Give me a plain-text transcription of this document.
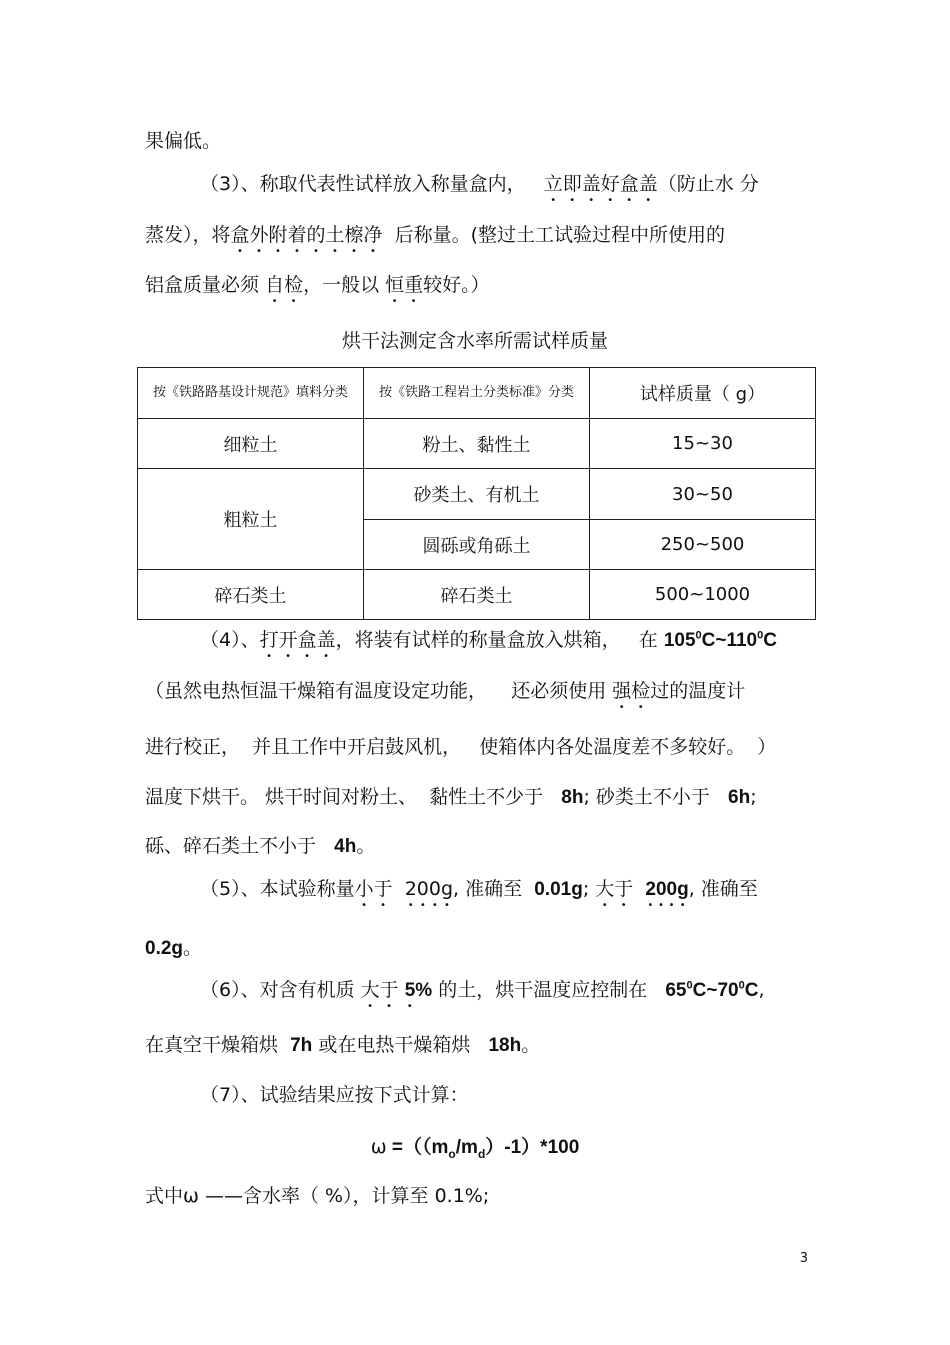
果偏低。
（3）、称取代表性试样放入称量盒内， 立即盖好盒盖（防止水 分
蒸发），将盒外附着的土檫净 后称量。(整过土工试验过程中所使用的
铝盒质量必须 自检，一般以 恒重较好。）
烘干法测定含水率所需试样质量
按《铁路路基设计规范》填料分类	按《铁路工程岩土分类标准》分类	试样质量（ g）
细粒土	粉土、黏性土	15~30
粗粒土	砂类土、有机土	30~50
	圆砾或角砾土	250~500
碎石类土	碎石类土	500~1000
（4）、打开盒盖，将装有试样的称量盒放入烘箱， 在 $105^0C\sim 110^0C$
（虽然电热恒温干燥箱有温度设定功能， 还必须使用 强检过的温度计
进行校正，  并且工作中开启鼓风机，   使箱体内各处温度差不多较好。  ）
温度下烘干。 烘干时间对粉土、  黏性土不少于 8h; 砂类土不小于 6h;
砾、碎石类土不小于 4h。
（5）、本试验称量小于 200g, 准确至 0.01g; 大于 200g, 准确至
0.2g。
（6）、对含有机质 大于 5% 的土，烘干温度应控制在 $65^0C\sim 70^0C$,
在真空干燥箱烘 7h 或在电热干燥箱烘 18h。
（7）、试验结果应按下式计算：
$\omega =((m_o/m_d)-1)*100$
式中ω ——含水率（ %），计算至 0.1%;
3
